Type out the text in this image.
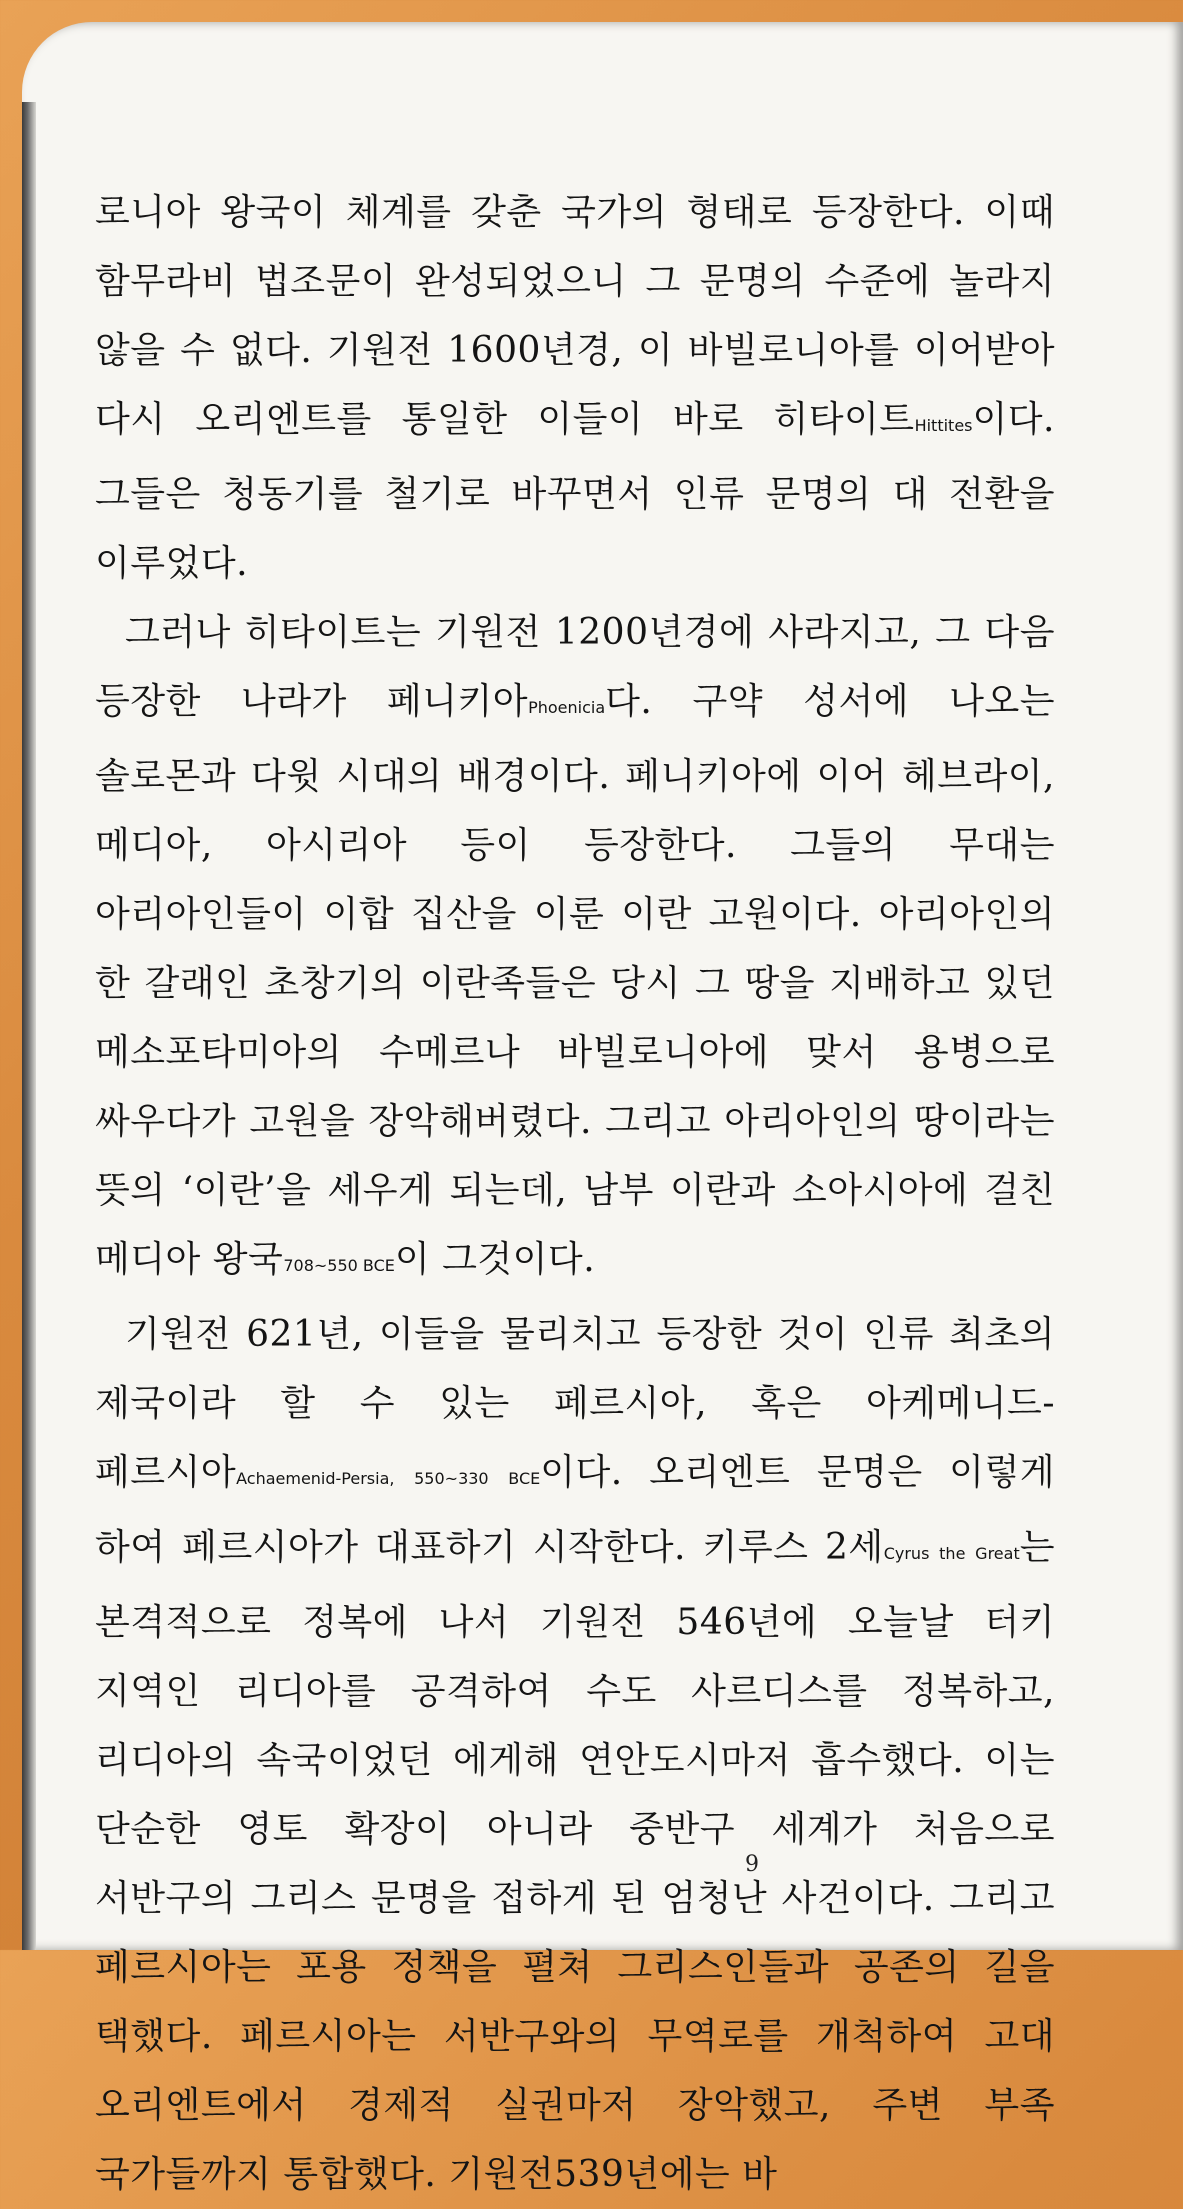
로니아 왕국이 체계를 갖춘 국가의 형태로 등장한다. 이때 함무라비 법조문이 완성되었으니 그 문명의 수준에 놀라지 않을 수 없다. 기원전 1600년경, 이 바빌로니아를 이어받아 다시 오리엔트를 통일한 이들이 바로 히타이트Hittites이다. 그들은 청동기를 철기로 바꾸면서 인류 문명의 대 전환을 이루었다.

그러나 히타이트는 기원전 1200년경에 사라지고, 그 다음 등장한 나라가 페니키아Phoenicia다. 구약 성서에 나오는 솔로몬과 다윗 시대의 배경이다. 페니키아에 이어 헤브라이, 메디아, 아시리아 등이 등장한다. 그들의 무대는 아리아인들이 이합 집산을 이룬 이란 고원이다. 아리아인의 한 갈래인 초창기의 이란족들은 당시 그 땅을 지배하고 있던 메소포타미아의 수메르나 바빌로니아에 맞서 용병으로 싸우다가 고원을 장악해버렸다. 그리고 아리아인의 땅이라는 뜻의 ‘이란’을 세우게 되는데, 남부 이란과 소아시아에 걸친 메디아 왕국708~550 BCE이 그것이다.

기원전 621년, 이들을 물리치고 등장한 것이 인류 최초의 제국이라 할 수 있는 페르시아, 혹은 아케메니드-페르시아Achaemenid-Persia, 550~330 BCE이다. 오리엔트 문명은 이렇게 하여 페르시아가 대표하기 시작한다. 키루스 2세Cyrus the Great는 본격적으로 정복에 나서 기원전 546년에 오늘날 터키 지역인 리디아를 공격하여 수도 사르디스를 정복하고, 리디아의 속국이었던 에게해 연안도시마저 흡수했다. 이는 단순한 영토 확장이 아니라 중반구 세계가 처음으로 서반구의 그리스 문명을 접하게 된 엄청난 사건이다. 그리고 페르시아는 포용 정책을 펼쳐 그리스인들과 공존의 길을 택했다. 페르시아는 서반구와의 무역로를 개척하여 고대 오리엔트에서 경제적 실권마저 장악했고, 주변 부족 국가들까지 통합했다. 기원전539년에는 바

9
